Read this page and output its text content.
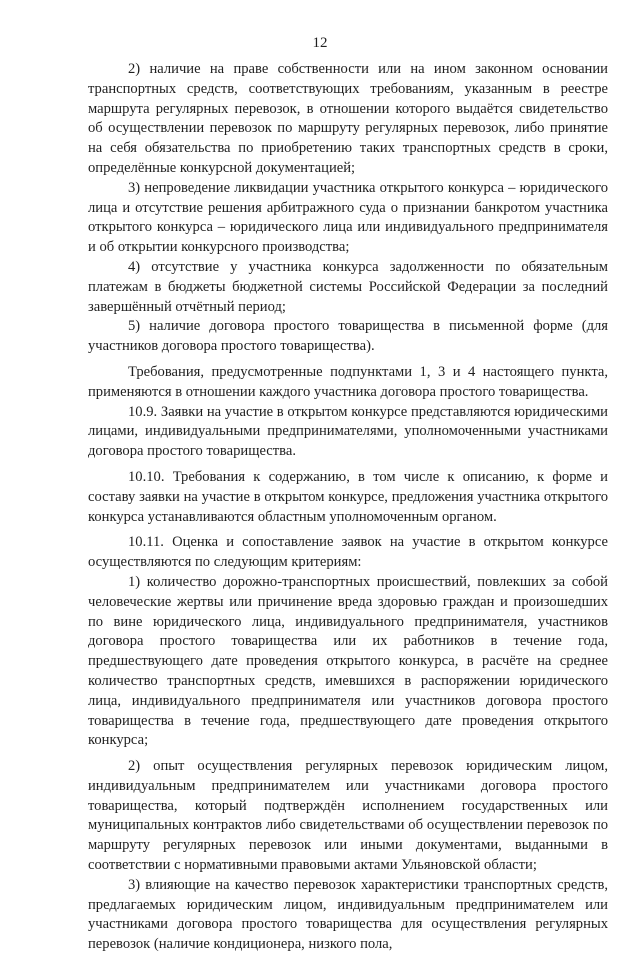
12

2) наличие на праве собственности или на ином законном основании транспортных средств, соответствующих требованиям, указанным в реестре маршрута регулярных перевозок, в отношении которого выдаётся свидетельство об осуществлении перевозок по маршруту регулярных перевозок, либо принятие на себя обязательства по приобретению таких транспортных средств в сроки, определённые конкурсной документацией;

3) непроведение ликвидации участника открытого конкурса – юридического лица и отсутствие решения арбитражного суда о признании банкротом участника открытого конкурса – юридического лица или индивидуального предпринимателя и об открытии конкурсного производства;

4) отсутствие у участника конкурса задолженности по обязательным платежам в бюджеты бюджетной системы Российской Федерации за последний завершённый отчётный период;

5) наличие договора простого товарищества в письменной форме (для участников договора простого товарищества).

Требования, предусмотренные подпунктами 1, 3 и 4 настоящего пункта, применяются в отношении каждого участника договора простого товарищества.

10.9. Заявки на участие в открытом конкурсе представляются юридическими лицами, индивидуальными предпринимателями, уполномоченными участниками договора простого товарищества.

10.10. Требования к содержанию, в том числе к описанию, к форме и составу заявки на участие в открытом конкурсе, предложения участника открытого конкурса устанавливаются областным уполномоченным органом.

10.11. Оценка и сопоставление заявок на участие в открытом конкурсе осуществляются по следующим критериям:

1) количество дорожно-транспортных происшествий, повлекших за собой человеческие жертвы или причинение вреда здоровью граждан и произошедших по вине юридического лица, индивидуального предпринимателя, участников договора простого товарищества или их работников в течение года, предшествующего дате проведения открытого конкурса, в расчёте на среднее количество транспортных средств, имевшихся в распоряжении юридического лица, индивидуального предпринимателя или участников договора простого товарищества в течение года, предшествующего дате проведения открытого конкурса;

2) опыт осуществления регулярных перевозок юридическим лицом, индивидуальным предпринимателем или участниками договора простого товарищества, который подтверждён исполнением государственных или муниципальных контрактов либо свидетельствами об осуществлении перевозок по маршруту регулярных перевозок или иными документами, выданными в соответствии с нормативными правовыми актами Ульяновской области;

3) влияющие на качество перевозок характеристики транспортных средств, предлагаемых юридическим лицом, индивидуальным предпринимателем или участниками договора простого товарищества для осуществления регулярных перевозок (наличие кондиционера, низкого пола,
